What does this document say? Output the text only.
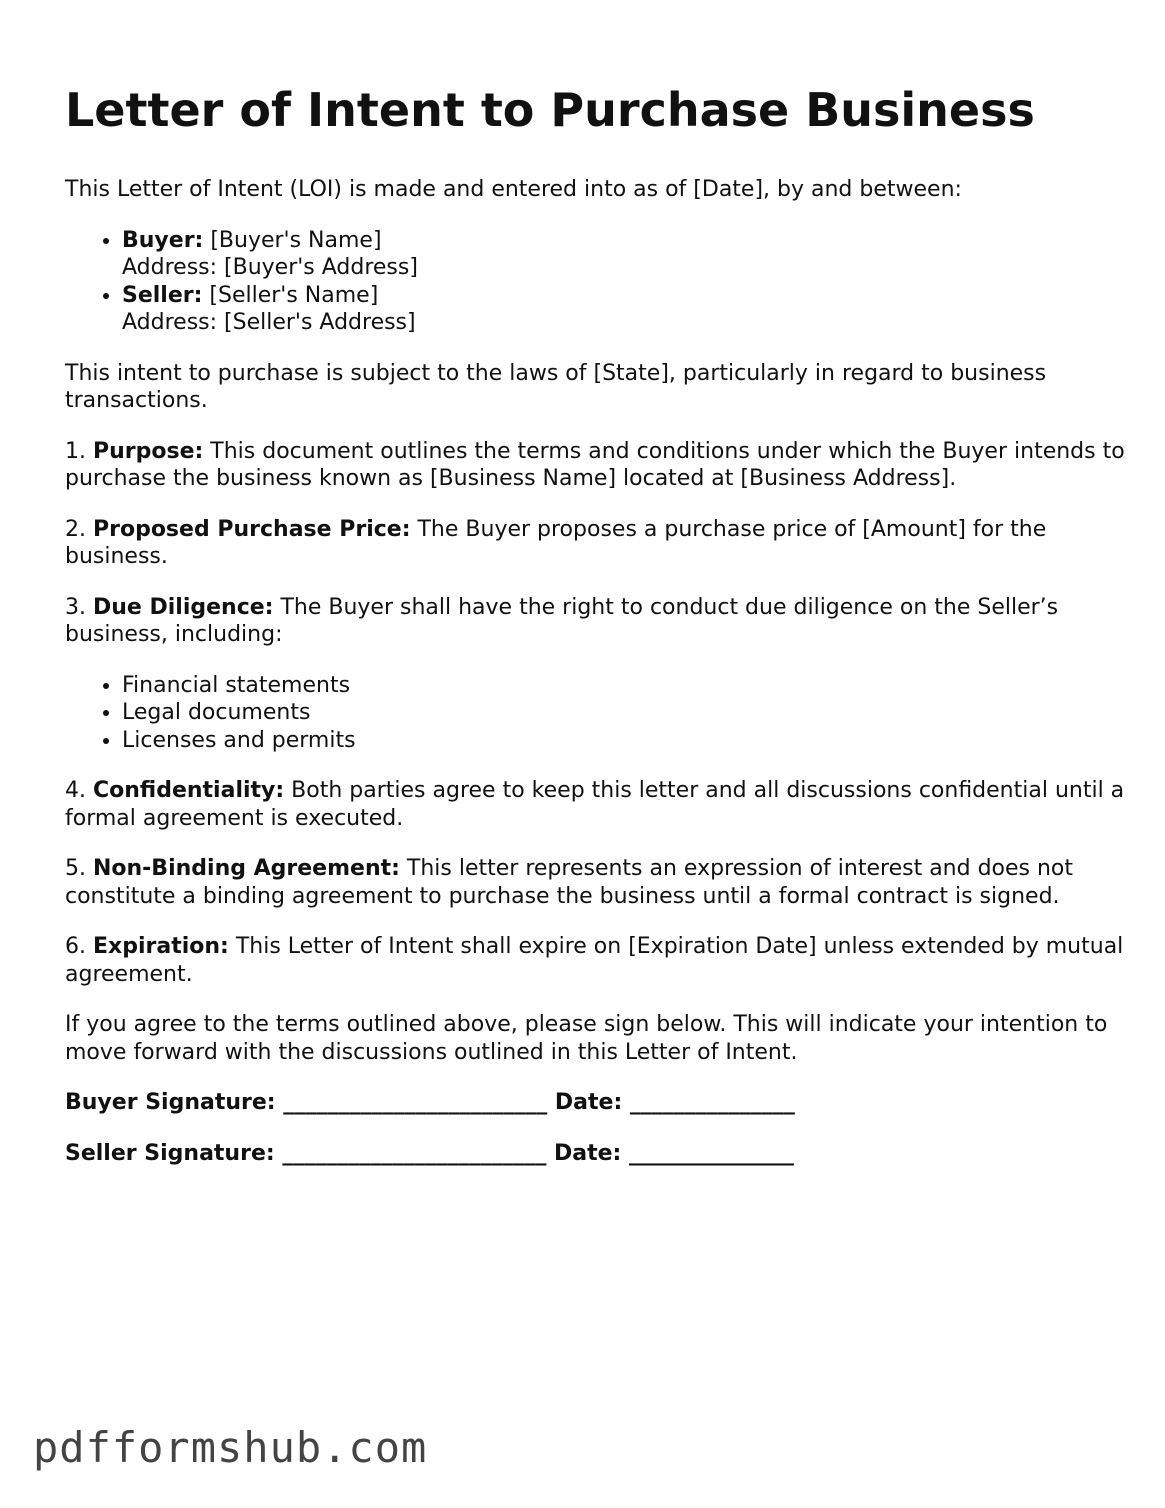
Letter of Intent to Purchase Business

This Letter of Intent (LOI) is made and entered into as of [Date], by and between:

• Buyer: [Buyer's Name]
Address: [Buyer's Address]
• Seller: [Seller's Name]
Address: [Seller's Address]

This intent to purchase is subject to the laws of [State], particularly in regard to business transactions.

1. Purpose: This document outlines the terms and conditions under which the Buyer intends to purchase the business known as [Business Name] located at [Business Address].

2. Proposed Purchase Price: The Buyer proposes a purchase price of [Amount] for the business.

3. Due Diligence: The Buyer shall have the right to conduct due diligence on the Seller’s business, including:

• Financial statements
• Legal documents
• Licenses and permits

4. Confidentiality: Both parties agree to keep this letter and all discussions confidential until a formal agreement is executed.

5. Non-Binding Agreement: This letter represents an expression of interest and does not constitute a binding agreement to purchase the business until a formal contract is signed.

6. Expiration: This Letter of Intent shall expire on [Expiration Date] unless extended by mutual agreement.

If you agree to the terms outlined above, please sign below. This will indicate your intention to move forward with the discussions outlined in this Letter of Intent.

Buyer Signature: ________________________ Date: _______________
Seller Signature: ________________________ Date: _______________
pdfformshub.com
